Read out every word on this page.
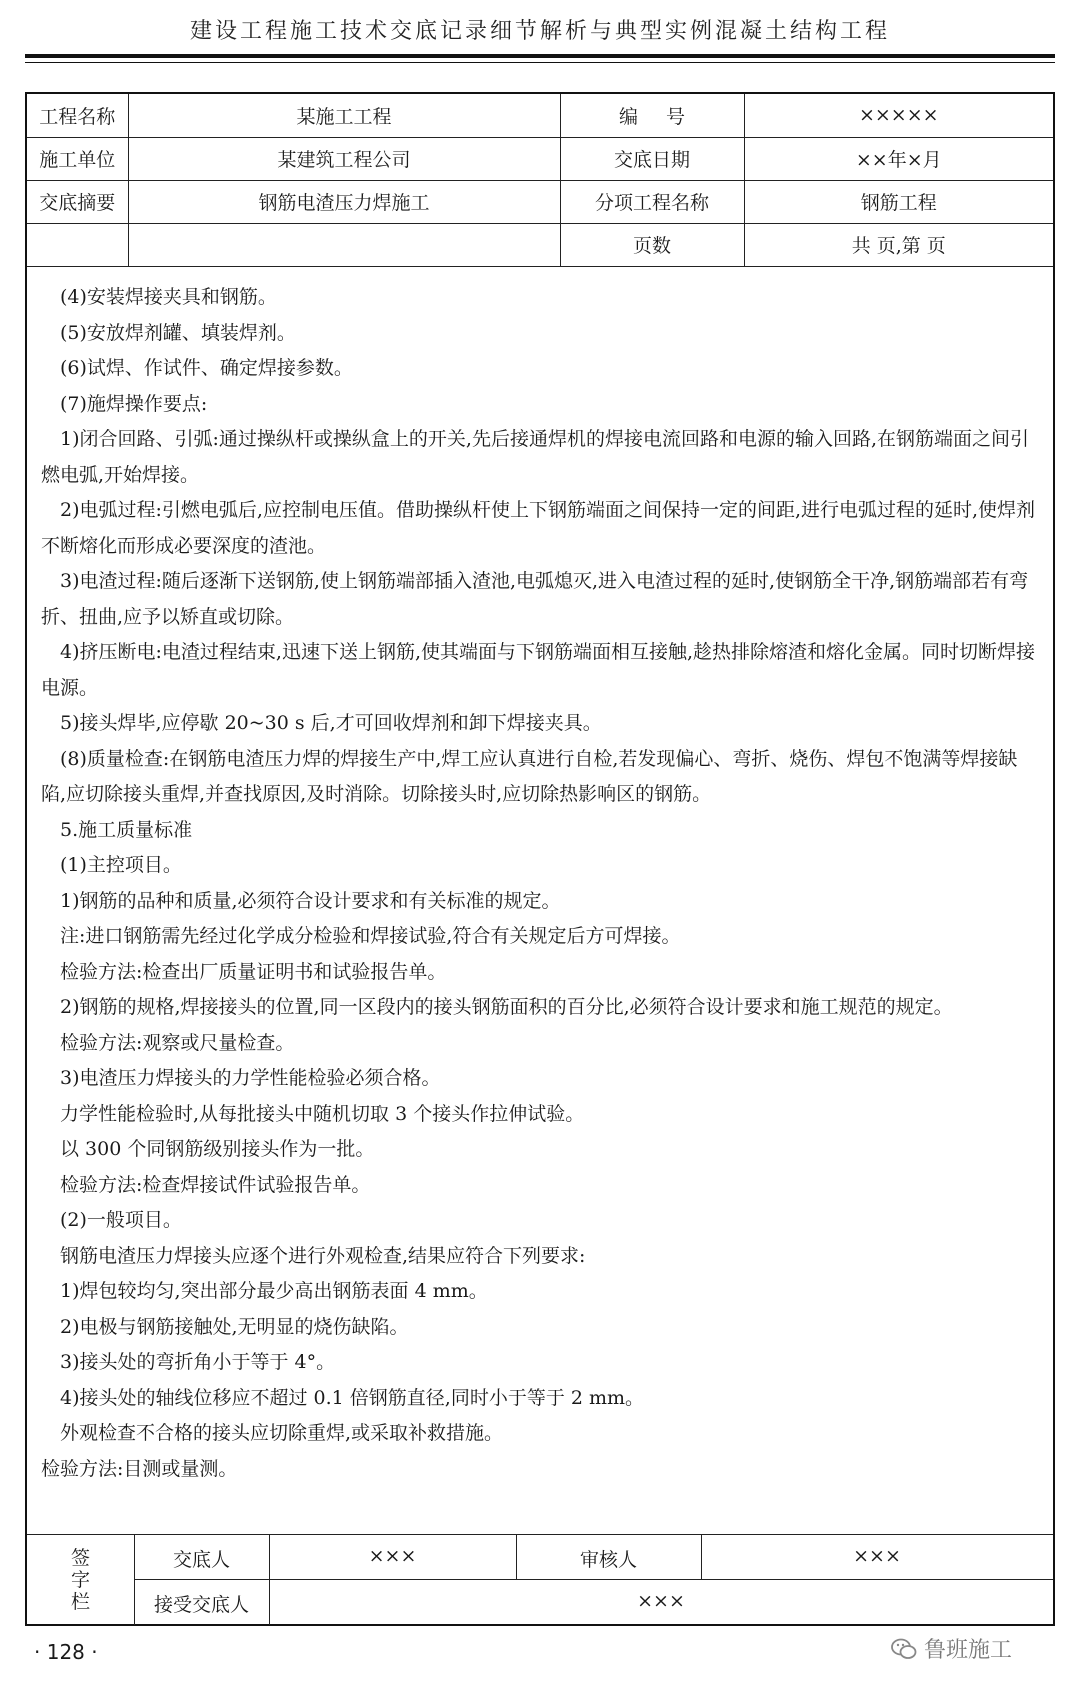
建设工程施工技术交底记录细节解析与典型实例混凝土结构工程
工程名称	某施工工程	编号	×××××
施工单位	某建筑工程公司	交底日期	××年×月
交底摘要	钢筋电渣压力焊施工	分项工程名称	钢筋工程
		页数	共 页,第 页

(4)安装焊接夹具和钢筋。

(5)安放焊剂罐、填装焊剂。

(6)试焊、作试件、确定焊接参数。

(7)施焊操作要点:

1)闭合回路、引弧:通过操纵杆或操纵盒上的开关,先后接通焊机的焊接电流回路和电源的输入回路,在钢筋端面之间引燃电弧,开始焊接。

2)电弧过程:引燃电弧后,应控制电压值。借助操纵杆使上下钢筋端面之间保持一定的间距,进行电弧过程的延时,使焊剂不断熔化而形成必要深度的渣池。

3)电渣过程:随后逐渐下送钢筋,使上钢筋端部插入渣池,电弧熄灭,进入电渣过程的延时,使钢筋全干净,钢筋端部若有弯折、扭曲,应予以矫直或切除。

4)挤压断电:电渣过程结束,迅速下送上钢筋,使其端面与下钢筋端面相互接触,趁热排除熔渣和熔化金属。同时切断焊接电源。

5)接头焊毕,应停歇 20~30 s 后,才可回收焊剂和卸下焊接夹具。

(8)质量检查:在钢筋电渣压力焊的焊接生产中,焊工应认真进行自检,若发现偏心、弯折、烧伤、焊包不饱满等焊接缺陷,应切除接头重焊,并查找原因,及时消除。切除接头时,应切除热影响区的钢筋。

5.施工质量标准

(1)主控项目。

1)钢筋的品种和质量,必须符合设计要求和有关标准的规定。

注:进口钢筋需先经过化学成分检验和焊接试验,符合有关规定后方可焊接。

检验方法:检查出厂质量证明书和试验报告单。

2)钢筋的规格,焊接接头的位置,同一区段内的接头钢筋面积的百分比,必须符合设计要求和施工规范的规定。

检验方法:观察或尺量检查。

3)电渣压力焊接头的力学性能检验必须合格。

力学性能检验时,从每批接头中随机切取 3 个接头作拉伸试验。

以 300 个同钢筋级别接头作为一批。

检验方法:检查焊接试件试验报告单。

(2)一般项目。

钢筋电渣压力焊接头应逐个进行外观检查,结果应符合下列要求:

1)焊包较均匀,突出部分最少高出钢筋表面 4 mm。

2)电极与钢筋接触处,无明显的烧伤缺陷。

3)接头处的弯折角小于等于 4°。

4)接头处的轴线位移应不超过 0.1 倍钢筋直径,同时小于等于 2 mm。

外观检查不合格的接头应切除重焊,或采取补救措施。

检验方法:目测或量测。

签
字
栏
交底人	×××	审核人	×××
接受交底人	×××
· 128 ·	鲁班施工
